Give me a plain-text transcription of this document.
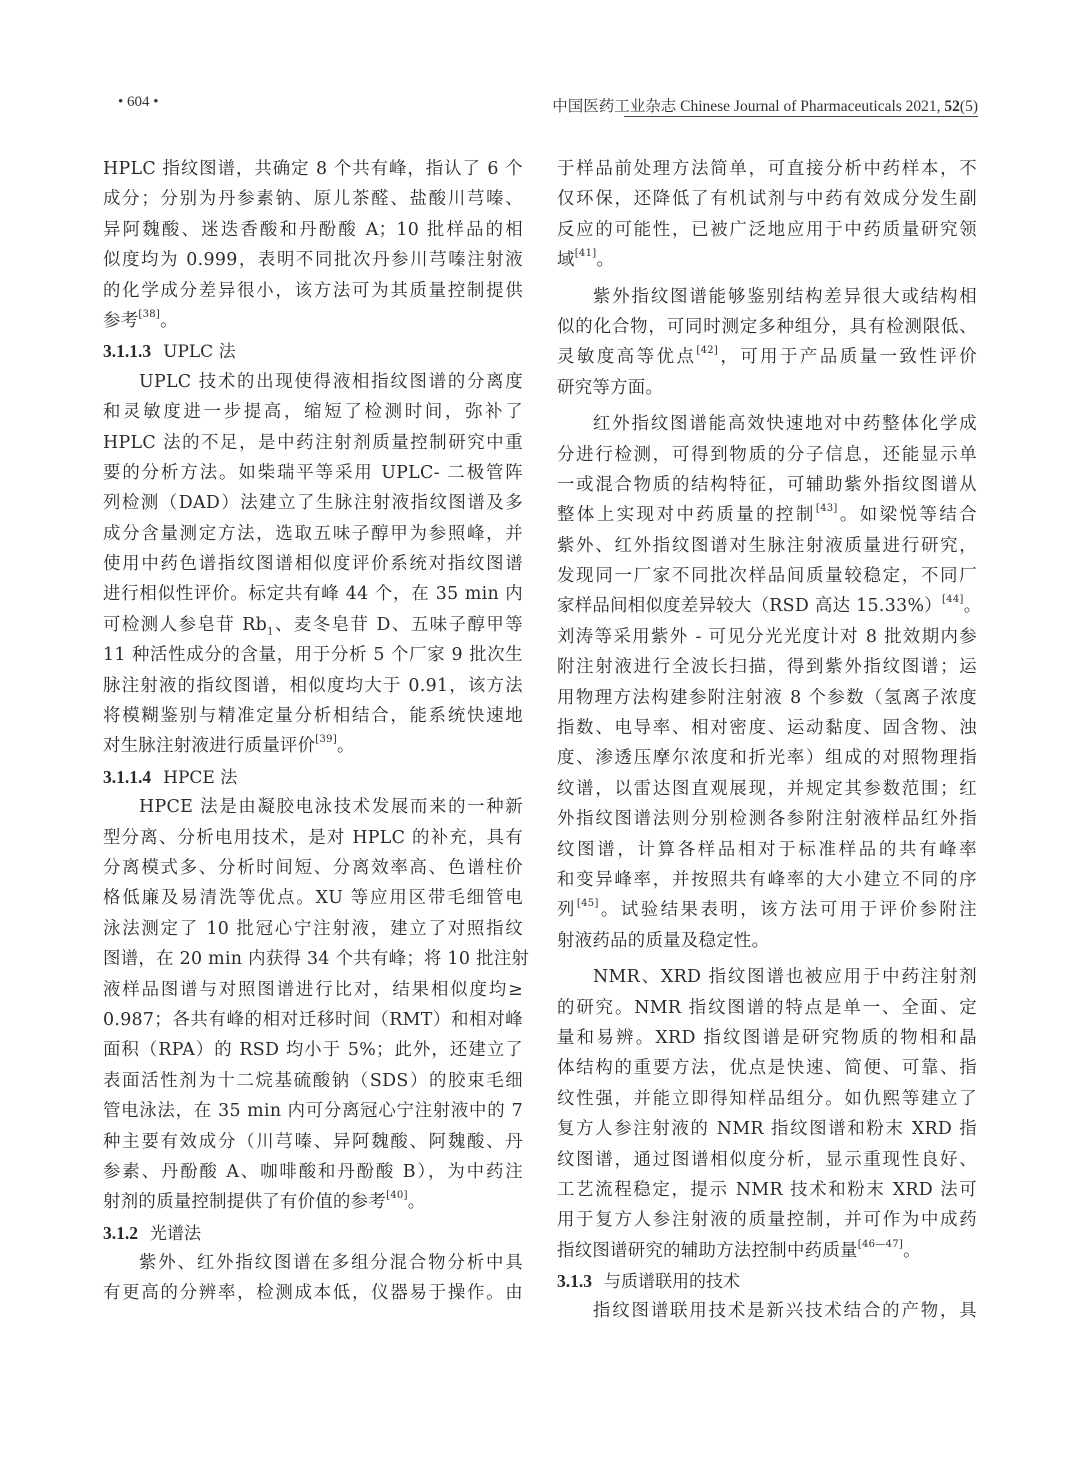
• 604 •	中国医药工业杂志 Chinese Journal of Pharmaceuticals 2021, 52(5)
HPLC 指纹图谱，共确定 8 个共有峰，指认了 6 个
成分；分别为丹参素钠、原儿茶醛、盐酸川芎嗪、
异阿魏酸、迷迭香酸和丹酚酸 A；10 批样品的相
似度均为 0.999，表明不同批次丹参川芎嗪注射液
的化学成分差异很小，该方法可为其质量控制提供
参考[38]。
3.1.1.3 UPLC 法
UPLC 技术的出现使得液相指纹图谱的分离度
和灵敏度进一步提高，缩短了检测时间，弥补了
HPLC 法的不足，是中药注射剂质量控制研究中重
要的分析方法。如柴瑞平等采用 UPLC- 二极管阵
列检测（DAD）法建立了生脉注射液指纹图谱及多
成分含量测定方法，选取五味子醇甲为参照峰，并
使用中药色谱指纹图谱相似度评价系统对指纹图谱
进行相似性评价。标定共有峰 44 个，在 35 min 内
可检测人参皂苷 $Rb_1$、麦冬皂苷 D、五味子醇甲等
11 种活性成分的含量，用于分析 5 个厂家 9 批次生
脉注射液的指纹图谱，相似度均大于 0.91，该方法
将模糊鉴别与精准定量分析相结合，能系统快速地
对生脉注射液进行质量评价[39]。
3.1.1.4 HPCE 法
HPCE 法是由凝胶电泳技术发展而来的一种新
型分离、分析电用技术，是对 HPLC 的补充，具有
分离模式多、分析时间短、分离效率高、色谱柱价
格低廉及易清洗等优点。XU 等应用区带毛细管电
泳法测定了 10 批冠心宁注射液，建立了对照指纹
图谱，在 20 min 内获得 34 个共有峰；将 10 批注射
液样品图谱与对照图谱进行比对，结果相似度均≥
0.987；各共有峰的相对迁移时间（RMT）和相对峰
面积（RPA）的 RSD 均小于 5%；此外，还建立了
表面活性剂为十二烷基硫酸钠（SDS）的胶束毛细
管电泳法，在 35 min 内可分离冠心宁注射液中的 7
种主要有效成分（川芎嗪、异阿魏酸、阿魏酸、丹
参素、丹酚酸 A、咖啡酸和丹酚酸 B），为中药注
射剂的质量控制提供了有价值的参考[40]。
3.1.2 光谱法
紫外、红外指纹图谱在多组分混合物分析中具
有更高的分辨率，检测成本低，仪器易于操作。由
于样品前处理方法简单，可直接分析中药样本，不
仅环保，还降低了有机试剂与中药有效成分发生副
反应的可能性，已被广泛地应用于中药质量研究领
域[41]。
紫外指纹图谱能够鉴别结构差异很大或结构相
似的化合物，可同时测定多种组分，具有检测限低、
灵敏度高等优点[42]，可用于产品质量一致性评价
研究等方面。
红外指纹图谱能高效快速地对中药整体化学成
分进行检测，可得到物质的分子信息，还能显示单
一或混合物质的结构特征，可辅助紫外指纹图谱从
整体上实现对中药质量的控制[43]。如梁悦等结合
紫外、红外指纹图谱对生脉注射液质量进行研究，
发现同一厂家不同批次样品间质量较稳定，不同厂
家样品间相似度差异较大（RSD 高达 15.33%）[44]。
刘涛等采用紫外 - 可见分光光度计对 8 批效期内参
附注射液进行全波长扫描，得到紫外指纹图谱；运
用物理方法构建参附注射液 8 个参数（氢离子浓度
指数、电导率、相对密度、运动黏度、固含物、浊
度、渗透压摩尔浓度和折光率）组成的对照物理指
纹谱，以雷达图直观展现，并规定其参数范围；红
外指纹图谱法则分别检测各参附注射液样品红外指
纹图谱，计算各样品相对于标准样品的共有峰率
和变异峰率，并按照共有峰率的大小建立不同的序
列[45]。试验结果表明，该方法可用于评价参附注
射液药品的质量及稳定性。
NMR、XRD 指纹图谱也被应用于中药注射剂
的研究。NMR 指纹图谱的特点是单一、全面、定
量和易辨。XRD 指纹图谱是研究物质的物相和晶
体结构的重要方法，优点是快速、简便、可靠、指
纹性强，并能立即得知样品组分。如仇熙等建立了
复方人参注射液的 NMR 指纹图谱和粉末 XRD 指
纹图谱，通过图谱相似度分析，显示重现性良好、
工艺流程稳定，提示 NMR 技术和粉末 XRD 法可
用于复方人参注射液的质量控制，并可作为中成药
指纹图谱研究的辅助方法控制中药质量[46—47]。
3.1.3 与质谱联用的技术
指纹图谱联用技术是新兴技术结合的产物，具
